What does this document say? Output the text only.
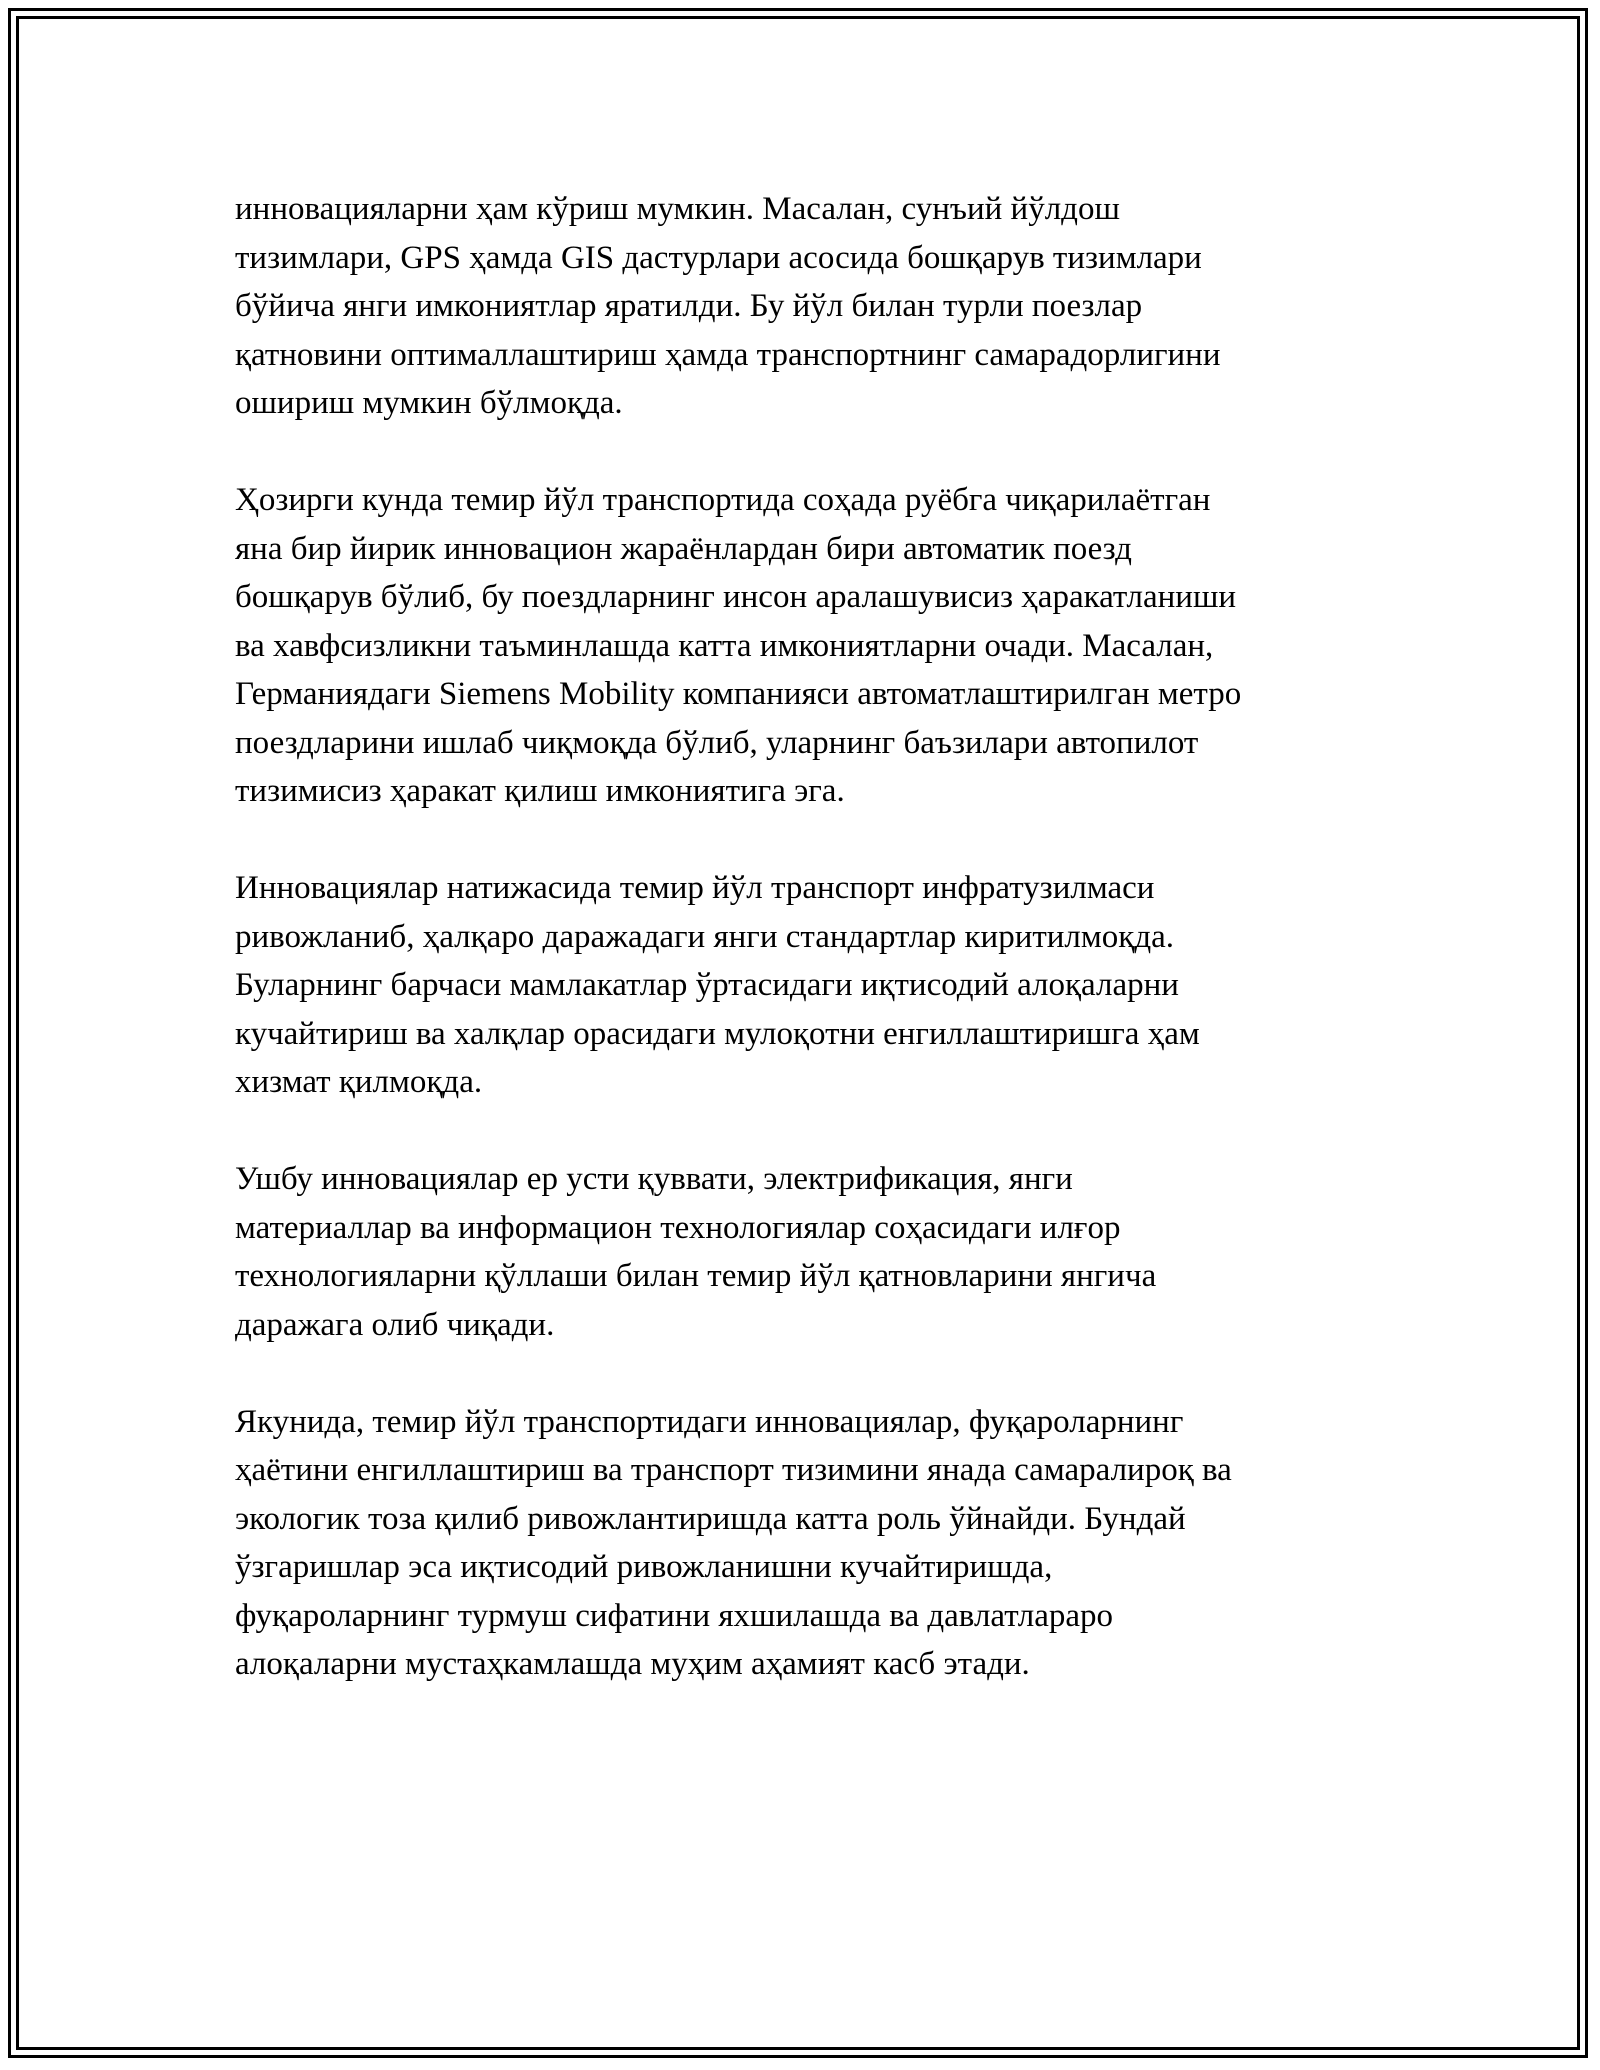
инновацияларни ҳам кўриш мумкин. Масалан, сунъий йўлдош
тизимлари, GPS ҳамда GIS дастурлари асосида бошқарув тизимлари
бўйича янги имкониятлар яратилди. Бу йўл билан турли поезлар
қатновини оптималлаштириш ҳамда транспортнинг самарадорлигини
ошириш мумкин бўлмоқда.

Ҳозирги кунда темир йўл транспортида соҳада руёбга чиқарилаётган
яна бир йирик инновацион жараёнлардан бири автоматик поезд
бошқарув бўлиб, бу поездларнинг инсон аралашувисиз ҳаракатланиши
ва хавфсизликни таъминлашда катта имкониятларни очади. Масалан,
Германиядаги Siemens Mobility компанияси автоматлаштирилган метро
поездларини ишлаб чиқмоқда бўлиб, уларнинг баъзилари автопилот
тизимисиз ҳаракат қилиш имкониятига эга.

Инновациялар натижасида темир йўл транспорт инфратузилмаси
ривожланиб, ҳалқаро даражадаги янги стандартлар киритилмоқда.
Буларнинг барчаси мамлакатлар ўртасидаги иқтисодий алоқаларни
кучайтириш ва халқлар орасидаги мулоқотни енгиллаштиришга ҳам
хизмат қилмоқда.

Ушбу инновациялар ер усти қуввати, электрификация, янги
материаллар ва информацион технологиялар соҳасидаги илғор
технологияларни қўллаши билан темир йўл қатновларини янгича
даражага олиб чиқади.

Якунида, темир йўл транспортидаги инновациялар, фуқароларнинг
ҳаётини енгиллаштириш ва транспорт тизимини янада самаралироқ ва
экологик тоза қилиб ривожлантиришда катта роль ўйнайди. Бундай
ўзгаришлар эса иқтисодий ривожланишни кучайтиришда,
фуқароларнинг турмуш сифатини яхшилашда ва давлатлараро
алоқаларни мустаҳкамлашда муҳим аҳамият касб этади.
